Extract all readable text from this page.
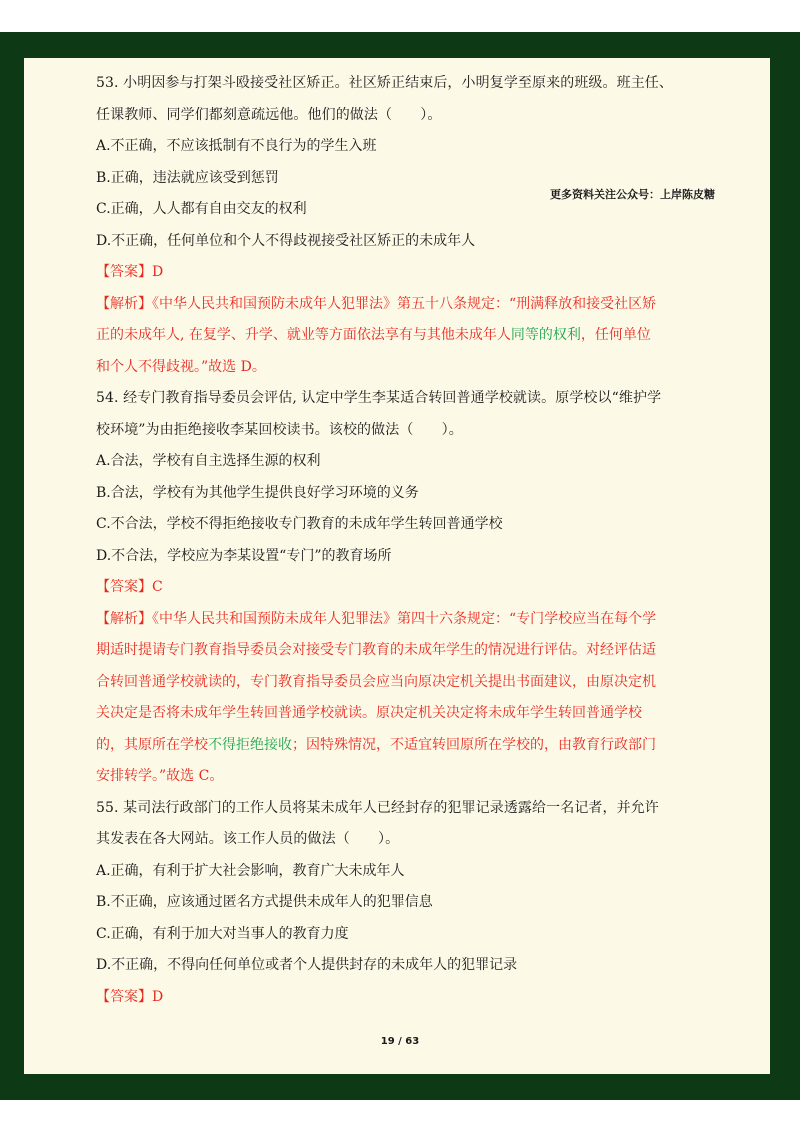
53. 小明因参与打架斗殴接受社区矫正。社区矫正结束后，小明复学至原来的班级。班主任、
任课教师、同学们都刻意疏远他。他们的做法（　　）。
A.不正确，不应该抵制有不良行为的学生入班
B.正确，违法就应该受到惩罚
C.正确，人人都有自由交友的权利
D.不正确，任何单位和个人不得歧视接受社区矫正的未成年人
【答案】D
【解析】《中华人民共和国预防未成年人犯罪法》第五十八条规定：“刑满释放和接受社区矫
正的未成年人, 在复学、升学、就业等方面依法享有与其他未成年人同等的权利，任何单位
和个人不得歧视。”故选 D。
54. 经专门教育指导委员会评估, 认定中学生李某适合转回普通学校就读。原学校以“维护学
校环境”为由拒绝接收李某回校读书。该校的做法（　　）。
A.合法，学校有自主选择生源的权利
B.合法，学校有为其他学生提供良好学习环境的义务
C.不合法，学校不得拒绝接收专门教育的未成年学生转回普通学校
D.不合法，学校应为李某设置“专门”的教育场所
【答案】C
【解析】《中华人民共和国预防未成年人犯罪法》第四十六条规定：“专门学校应当在每个学
期适时提请专门教育指导委员会对接受专门教育的未成年学生的情况进行评估。对经评估适
合转回普通学校就读的，专门教育指导委员会应当向原决定机关提出书面建议，由原决定机
关决定是否将未成年学生转回普通学校就读。原决定机关决定将未成年学生转回普通学校
的，其原所在学校不得拒绝接收；因特殊情况，不适宜转回原所在学校的，由教育行政部门
安排转学。”故选 C。
55. 某司法行政部门的工作人员将某未成年人已经封存的犯罪记录透露给一名记者，并允许
其发表在各大网站。该工作人员的做法（　　）。
A.正确，有利于扩大社会影响，教育广大未成年人
B.不正确，应该通过匿名方式提供未成年人的犯罪信息
C.正确，有利于加大对当事人的教育力度
D.不正确，不得向任何单位或者个人提供封存的未成年人的犯罪记录
【答案】D
更多资料关注公众号：上岸陈皮糖
19 / 63
